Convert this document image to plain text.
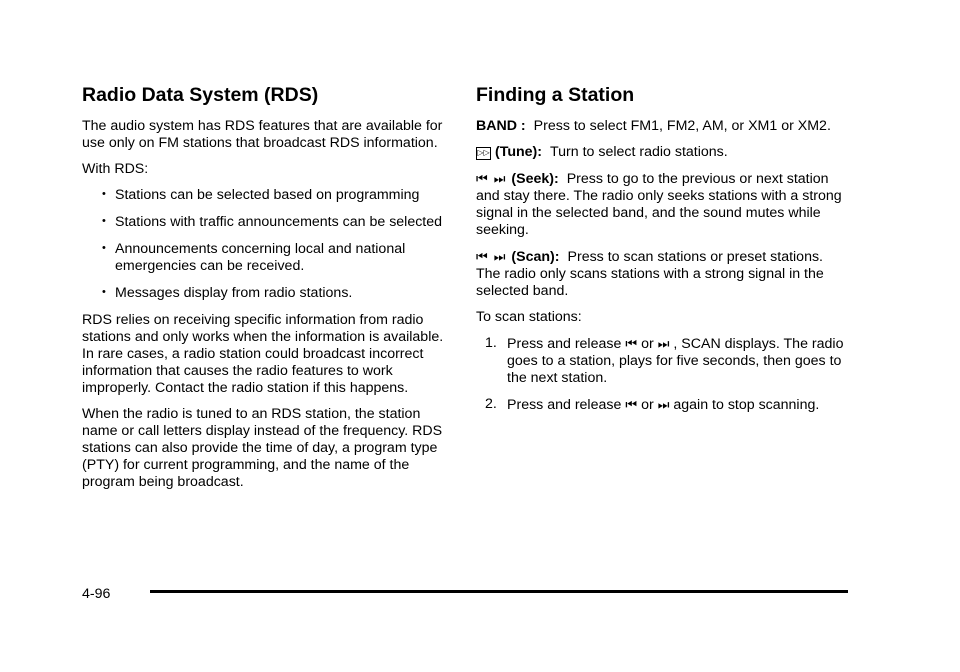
Radio Data System (RDS)

The audio system has RDS features that are available for use only on FM stations that broadcast RDS information.

With RDS:

• Stations can be selected based on programming
• Stations with traffic announcements can be selected
• Announcements concerning local and national emergencies can be received.
• Messages display from radio stations.

RDS relies on receiving specific information from radio stations and only works when the information is available. In rare cases, a radio station could broadcast incorrect information that causes the radio features to work improperly. Contact the radio station if this happens.

When the radio is tuned to an RDS station, the station name or call letters display instead of the frequency. RDS stations can also provide the time of day, a program type (PTY) for current programming, and the name of the program being broadcast.

Finding a Station

BAND : Press to select FM1, FM2, AM, or XM1 or XM2.

▷▷ (Tune): Turn to select radio stations.

⏮ ⏭ (Seek): Press to go to the previous or next station and stay there. The radio only seeks stations with a strong signal in the selected band, and the sound mutes while seeking.

⏮ ⏭ (Scan): Press to scan stations or preset stations. The radio only scans stations with a strong signal in the selected band.

To scan stations:

1. Press and release ⏮ or ⏭ , SCAN displays. The radio goes to a station, plays for five seconds, then goes to the next station.
2. Press and release ⏮ or ⏭ again to stop scanning.
4-96
